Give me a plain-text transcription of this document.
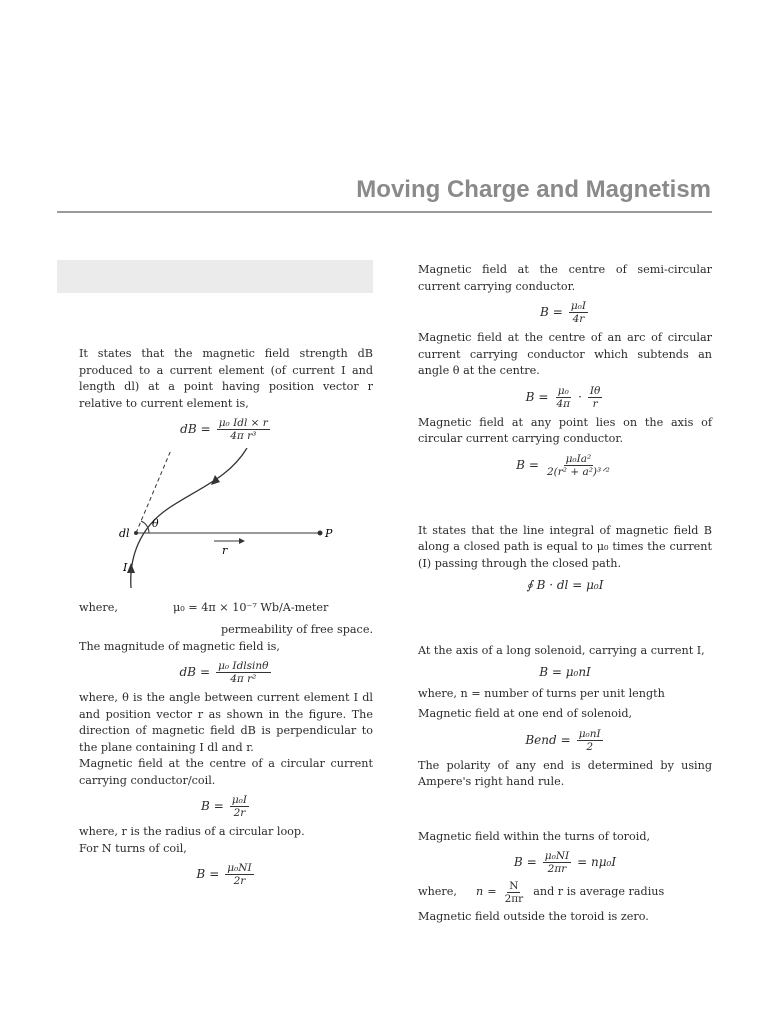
Moving Charge and Magnetism

It states that the magnetic field strength dB produced to a current element (of current I and length dl) at a point having position vector r relative to current element is,

dB = $\frac{\text{μ₀ Idl × r}}{\text{4π r³}}$
dl
θ
P
r
I
where,	μ₀ = 4π × 10⁻⁷ Wb/A-meter

permeability of free space.

The magnitude of magnetic field is,

dB = $\frac{\text{μ₀ Idlsinθ}}{\text{4π r²}}$

where, θ is the angle between current element I dl and position vector r as shown in the figure. The direction of magnetic field dB is perpendicular to the plane containing I dl and r.

Magnetic field at the centre of a circular current carrying conductor/coil.

$B = \frac{\text{μ₀I}}{2r}$

where, r is the radius of a circular loop.

For N turns of coil,

$B = \frac{\text{μ₀NI}}{2r}$

Magnetic field at the centre of semi-circular current carrying conductor.

$B = \frac{\text{μ₀I}}{4r}$

Magnetic field at the centre of an arc of circular current carrying conductor which subtends an angle θ at the centre.

$B = \frac{\text{μ₀}}{4\pi} \cdot \frac{I\theta}{r}$

Magnetic field at any point lies on the axis of circular current carrying conductor.

$B = \frac{\text{μ₀Ia²}}{\text{2(r² + a²)³ᐟ²}}$

It states that the line integral of magnetic field B along a closed path is equal to μ₀ times the current (I) passing through the closed path.

∮ B · dl = μ₀I

At the axis of a long solenoid, carrying a current I,

B = μ₀nI

where, n = number of turns per unit length

Magnetic field at one end of solenoid,

Bend = $\frac{\text{μ₀nI}}{2}$

The polarity of any end is determined by using Ampere's right hand rule.

Magnetic field within the turns of toroid,

$B = \frac{\text{μ₀NI}}{2\pi r} = n\mu_0I$
where,	$n = \frac{N}{2\pi r}$ and r is average radius

Magnetic field outside the toroid is zero.
